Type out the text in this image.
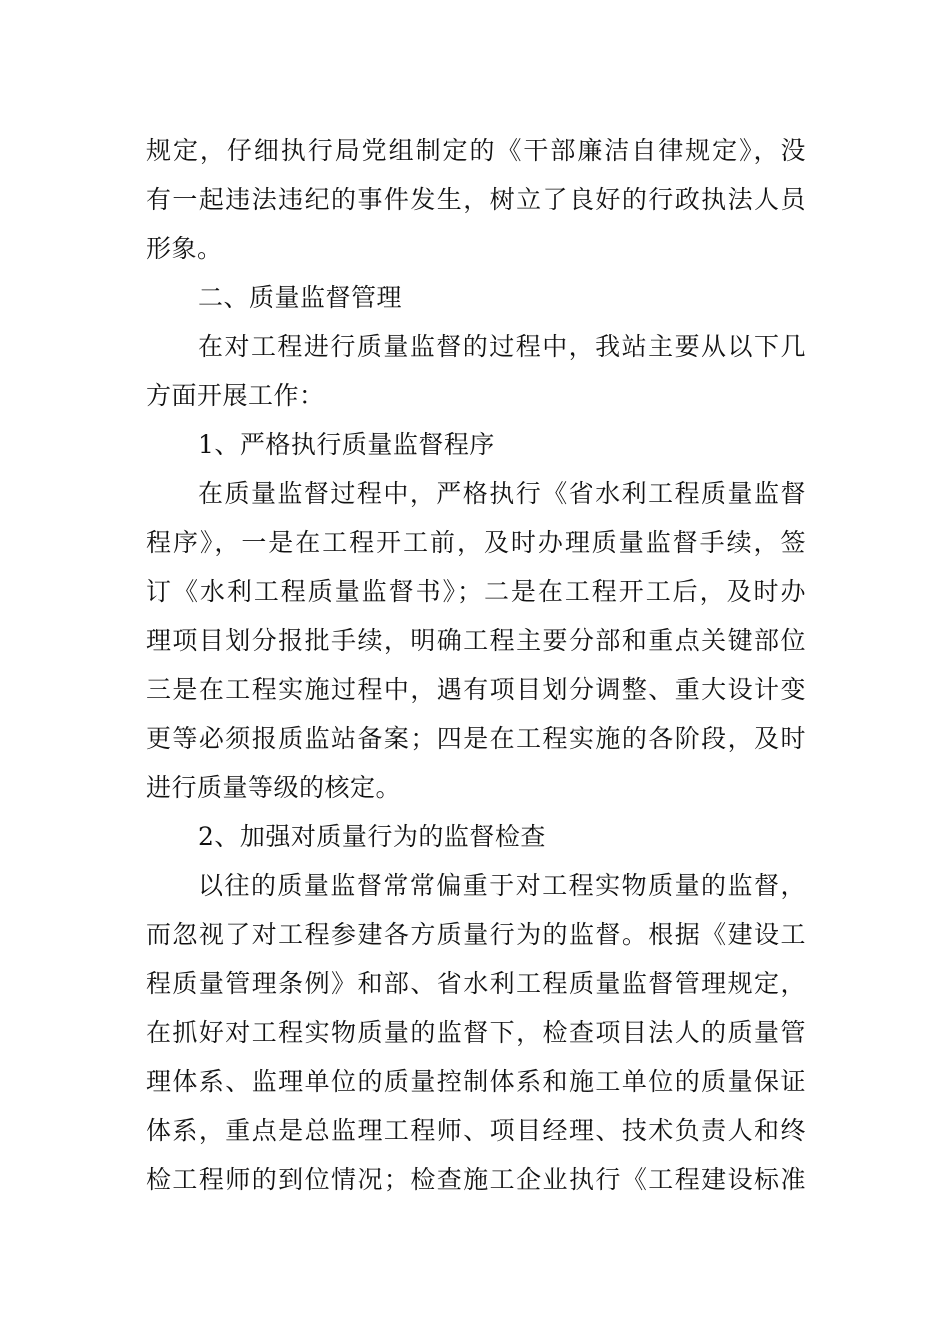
规定，仔细执行局党组制定的《干部廉洁自律规定》，没
有一起违法违纪的事件发生，树立了良好的行政执法人员
形象。
二、质量监督管理
在对工程进行质量监督的过程中，我站主要从以下几
方面开展工作：
1、严格执行质量监督程序
在质量监督过程中，严格执行《省水利工程质量监督
程序》，一是在工程开工前，及时办理质量监督手续，签
订《水利工程质量监督书》；二是在工程开工后，及时办
理项目划分报批手续，明确工程主要分部和重点关键部位
三是在工程实施过程中，遇有项目划分调整、重大设计变
更等必须报质监站备案；四是在工程实施的各阶段，及时
进行质量等级的核定。
2、加强对质量行为的监督检查
以往的质量监督常常偏重于对工程实物质量的监督，
而忽视了对工程参建各方质量行为的监督。根据《建设工
程质量管理条例》和部、省水利工程质量监督管理规定，
在抓好对工程实物质量的监督下，检查项目法人的质量管
理体系、监理单位的质量控制体系和施工单位的质量保证
体系，重点是总监理工程师、项目经理、技术负责人和终
检工程师的到位情况；检查施工企业执行《工程建设标准
